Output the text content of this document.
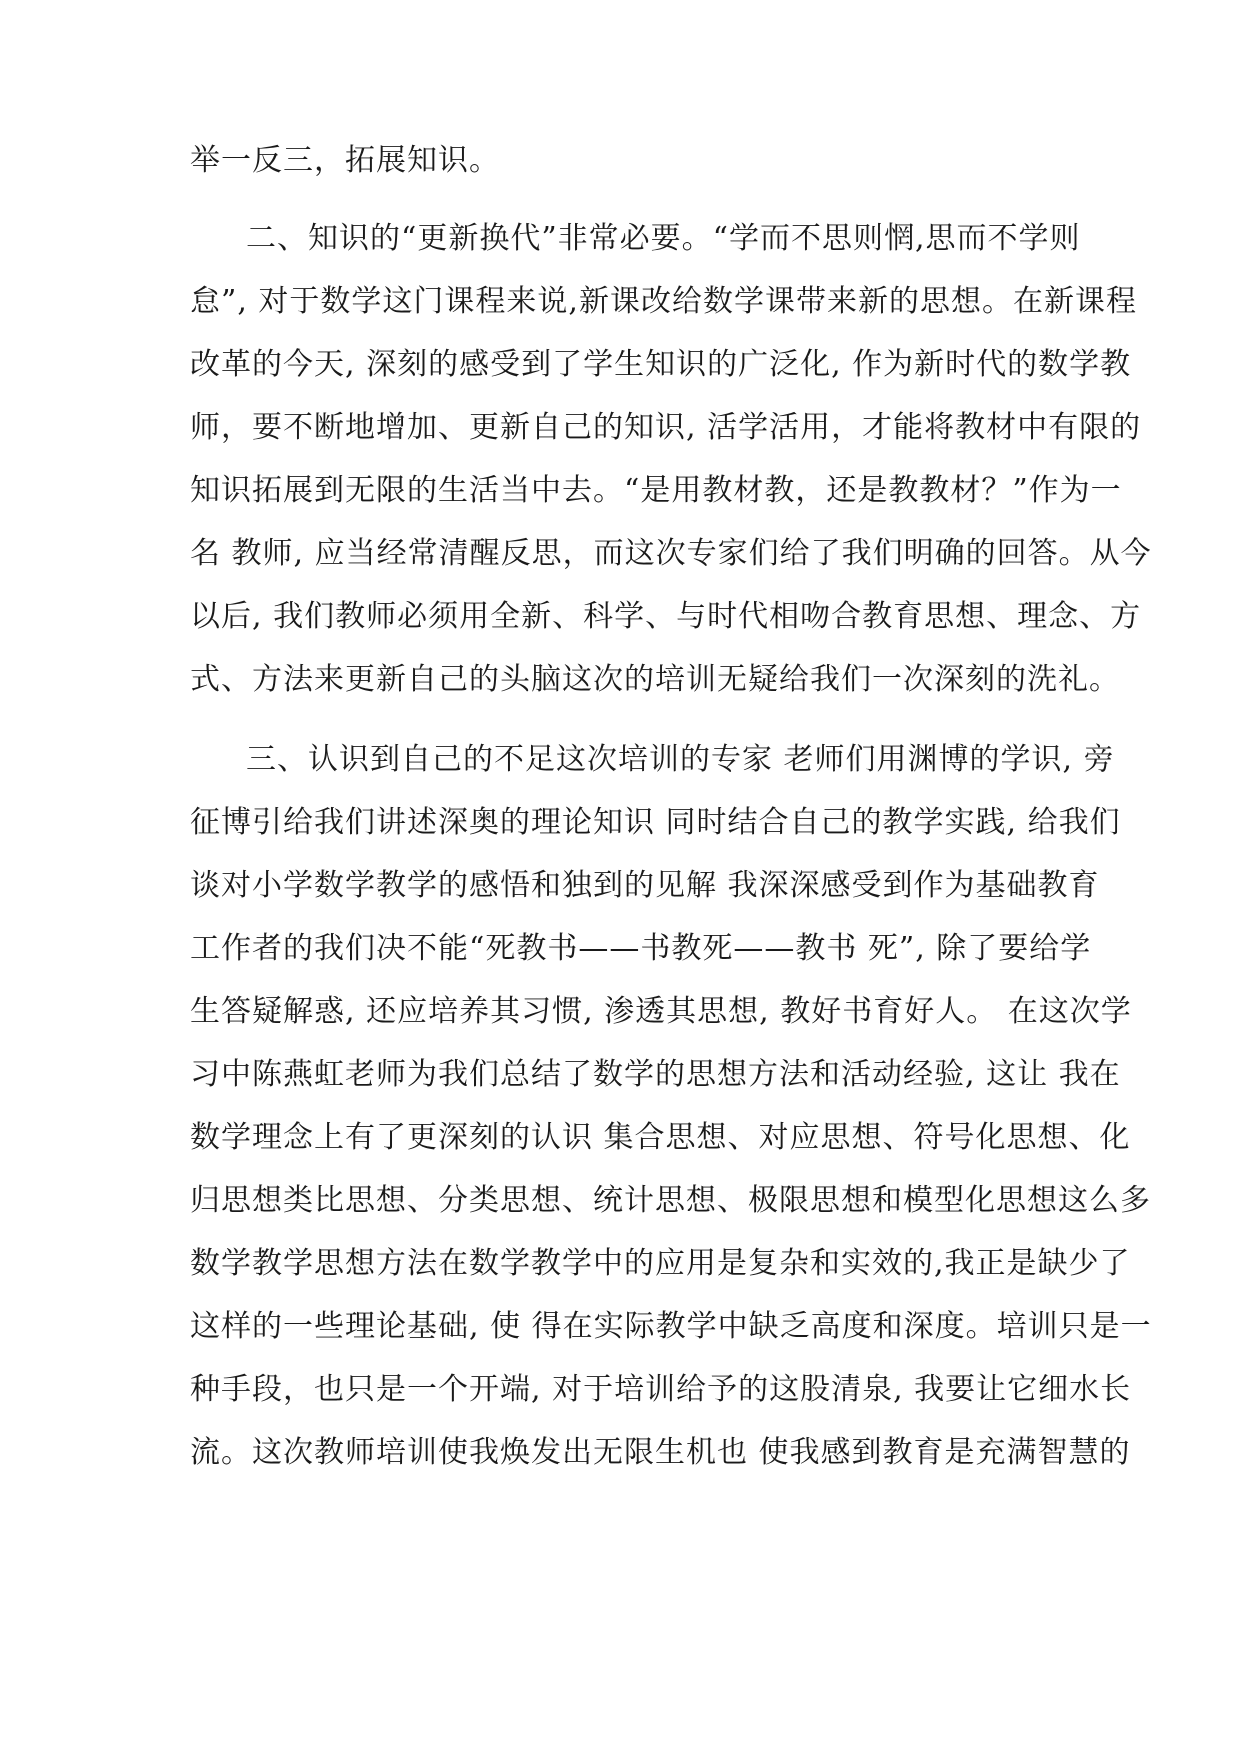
举一反三，拓展知识。
二、知识的“更新换代”非常必要。“学而不思则惘,思而不学则
怠”, 对于数学这门课程来说,新课改给数学课带来新的思想。在新课程
改革的今天, 深刻的感受到了学生知识的广泛化, 作为新时代的数学教
师，要不断地增加、更新自己的知识, 活学活用，才能将教材中有限的
知识拓展到无限的生活当中去。“是用教材教，还是教教材？”作为一
名 教师, 应当经常清醒反思，而这次专家们给了我们明确的回答。从今
以后, 我们教师必须用全新、科学、与时代相吻合教育思想、理念、方
式、方法来更新自己的头脑这次的培训无疑给我们一次深刻的洗礼。
三、认识到自己的不足这次培训的专家 老师们用渊博的学识, 旁
征博引给我们讲述深奥的理论知识 同时结合自己的教学实践, 给我们
谈对小学数学教学的感悟和独到的见解 我深深感受到作为基础教育
工作者的我们决不能“死教书——书教死——教书 死”, 除了要给学
生答疑解惑, 还应培养其习惯, 渗透其思想, 教好书育好人。 在这次学
习中陈燕虹老师为我们总结了数学的思想方法和活动经验, 这让 我在
数学理念上有了更深刻的认识 集合思想、对应思想、符号化思想、化
归思想类比思想、分类思想、统计思想、极限思想和模型化思想这么多
数学教学思想方法在数学教学中的应用是复杂和实效的,我正是缺少了
这样的一些理论基础, 使 得在实际教学中缺乏高度和深度。培训只是一
种手段，也只是一个开端, 对于培训给予的这股清泉, 我要让它细水长
流。这次教师培训使我焕发出无限生机也 使我感到教育是充满智慧的
